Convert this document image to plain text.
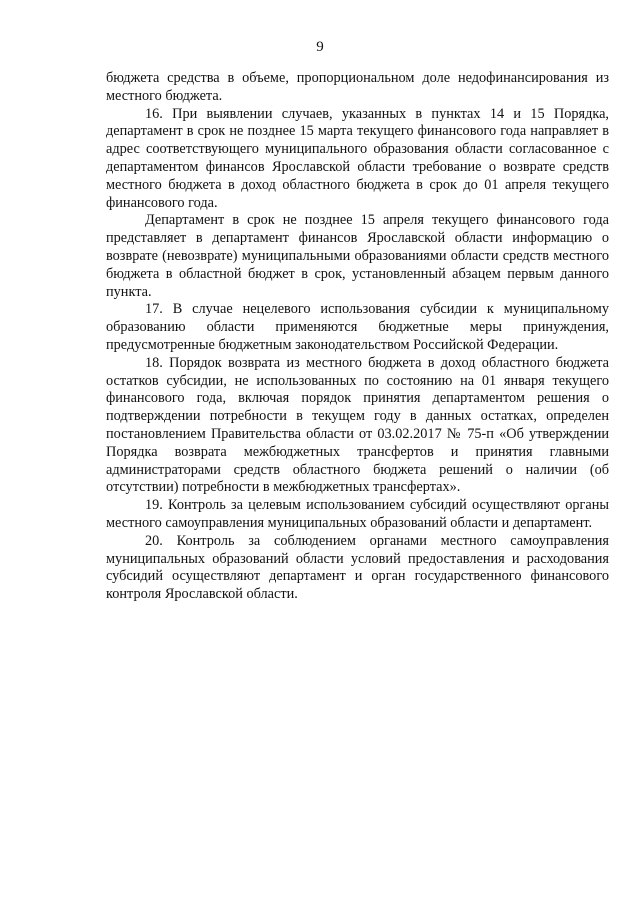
9

бюджета средства в объеме, пропорциональном доле недофинансирования из местного бюджета.

16. При выявлении случаев, указанных в пунктах 14 и 15 Порядка, департамент в срок не позднее 15 марта текущего финансового года направляет в адрес соответствующего муниципального образования области согласованное с департаментом финансов Ярославской области требование о возврате средств местного бюджета в доход областного бюджета в срок до 01 апреля текущего финансового года.

Департамент в срок не позднее 15 апреля текущего финансового года представляет в департамент финансов Ярославской области информацию о возврате (невозврате) муниципальными образованиями области средств местного бюджета в областной бюджет в срок, установленный абзацем первым данного пункта.

17. В случае нецелевого использования субсидии к муниципальному образованию области применяются бюджетные меры принуждения, предусмотренные бюджетным законодательством Российской Федерации.

18. Порядок возврата из местного бюджета в доход областного бюджета остатков субсидии, не использованных по состоянию на 01 января текущего финансового года, включая порядок принятия департаментом решения о подтверждении потребности в текущем году в данных остатках, определен постановлением Правительства области от 03.02.2017 № 75-п «Об утверждении Порядка возврата межбюджетных трансфертов и принятия главными администраторами средств областного бюджета решений о наличии (об отсутствии) потребности в межбюджетных трансфертах».

19. Контроль за целевым использованием субсидий осуществляют органы местного самоуправления муниципальных образований области и департамент.

20. Контроль за соблюдением органами местного самоуправления муниципальных образований области условий предоставления и расходования субсидий осуществляют департамент и орган государственного финансового контроля Ярославской области.
